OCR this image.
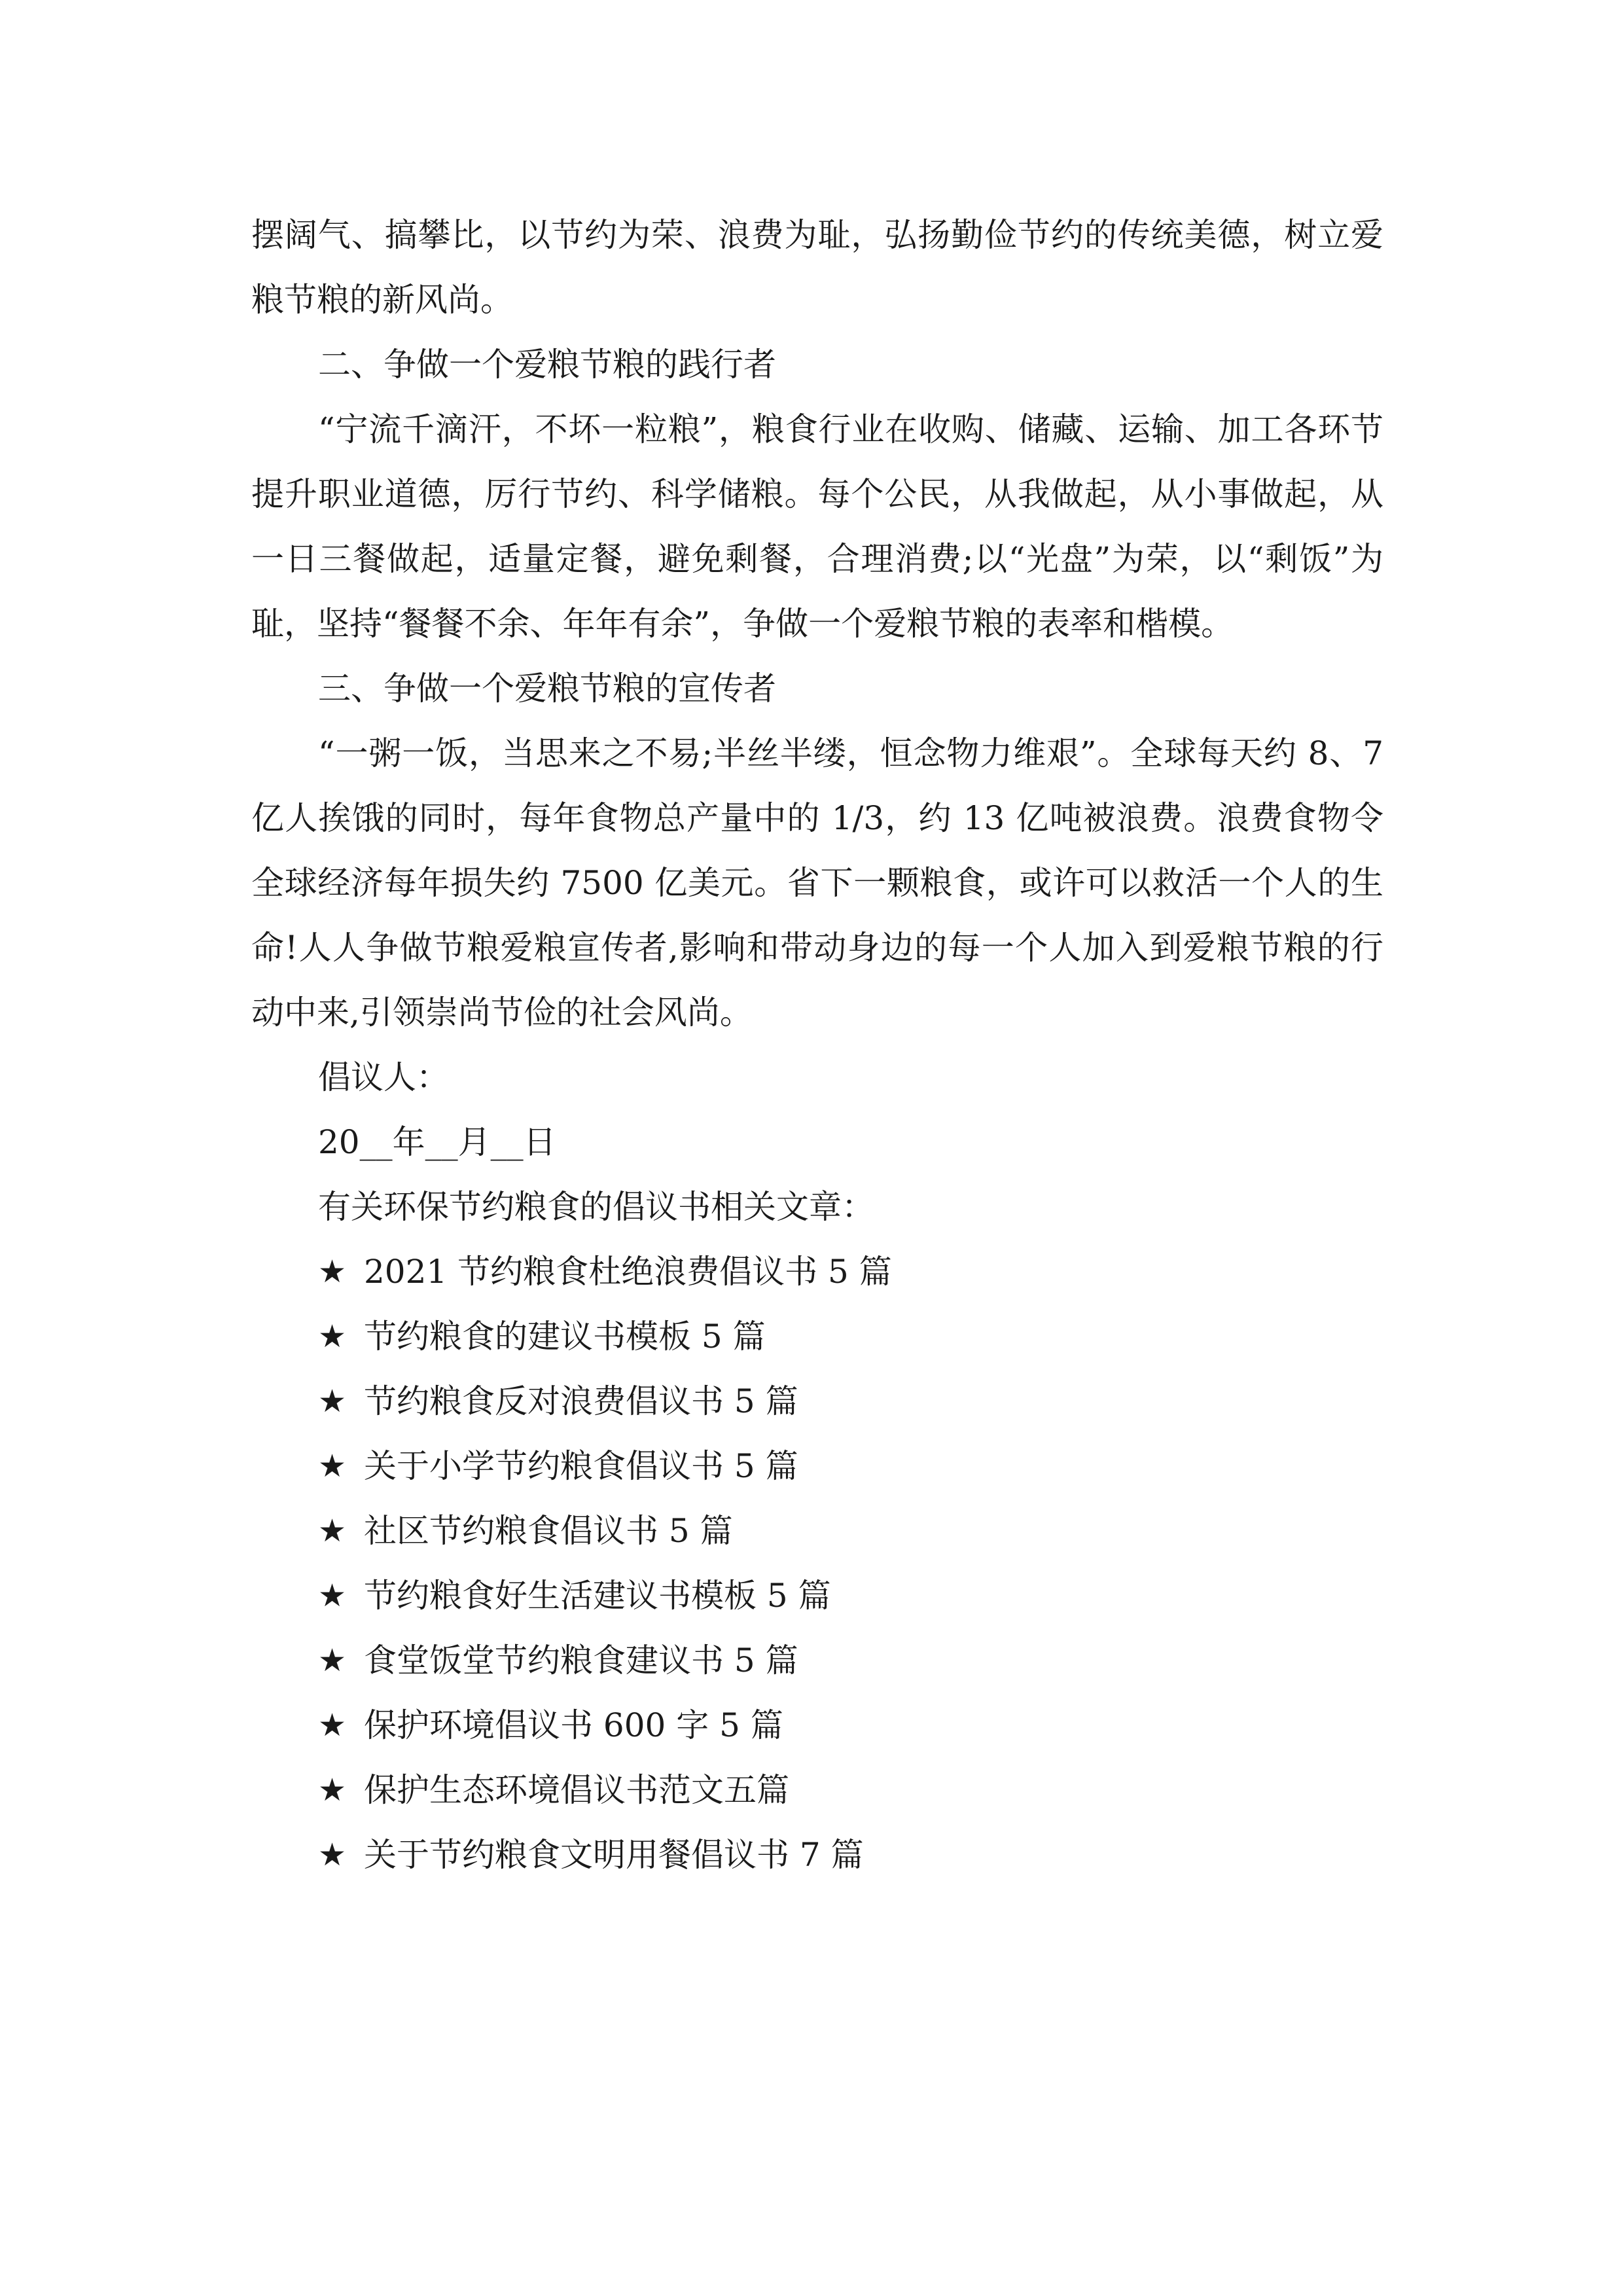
摆阔气、搞攀比，以节约为荣、浪费为耻，弘扬勤俭节约的传统美德，树立爱粮节粮的新风尚。

二、争做一个爱粮节粮的践行者

“宁流千滴汗，不坏一粒粮”，粮食行业在收购、储藏、运输、加工各环节提升职业道德，厉行节约、科学储粮。每个公民，从我做起，从小事做起，从一日三餐做起，适量定餐，避免剩餐，合理消费;以“光盘”为荣，以“剩饭”为耻，坚持“餐餐不余、年年有余”，争做一个爱粮节粮的表率和楷模。

三、争做一个爱粮节粮的宣传者

“一粥一饭，当思来之不易;半丝半缕，恒念物力维艰”。全球每天约 8、7 亿人挨饿的同时，每年食物总产量中的 1/3，约 13 亿吨被浪费。浪费食物令全球经济每年损失约 7500 亿美元。省下一颗粮食，或许可以救活一个人的生命!人人争做节粮爱粮宣传者,影响和带动身边的每一个人加入到爱粮节粮的行动中来,引领崇尚节俭的社会风尚。

倡议人：

20__年__月__日

有关环保节约粮食的倡议书相关文章：

★ 2021 节约粮食杜绝浪费倡议书 5 篇
★ 节约粮食的建议书模板 5 篇
★ 节约粮食反对浪费倡议书 5 篇
★ 关于小学节约粮食倡议书 5 篇
★ 社区节约粮食倡议书 5 篇
★ 节约粮食好生活建议书模板 5 篇
★ 食堂饭堂节约粮食建议书 5 篇
★ 保护环境倡议书 600 字 5 篇
★ 保护生态环境倡议书范文五篇
★ 关于节约粮食文明用餐倡议书 7 篇
